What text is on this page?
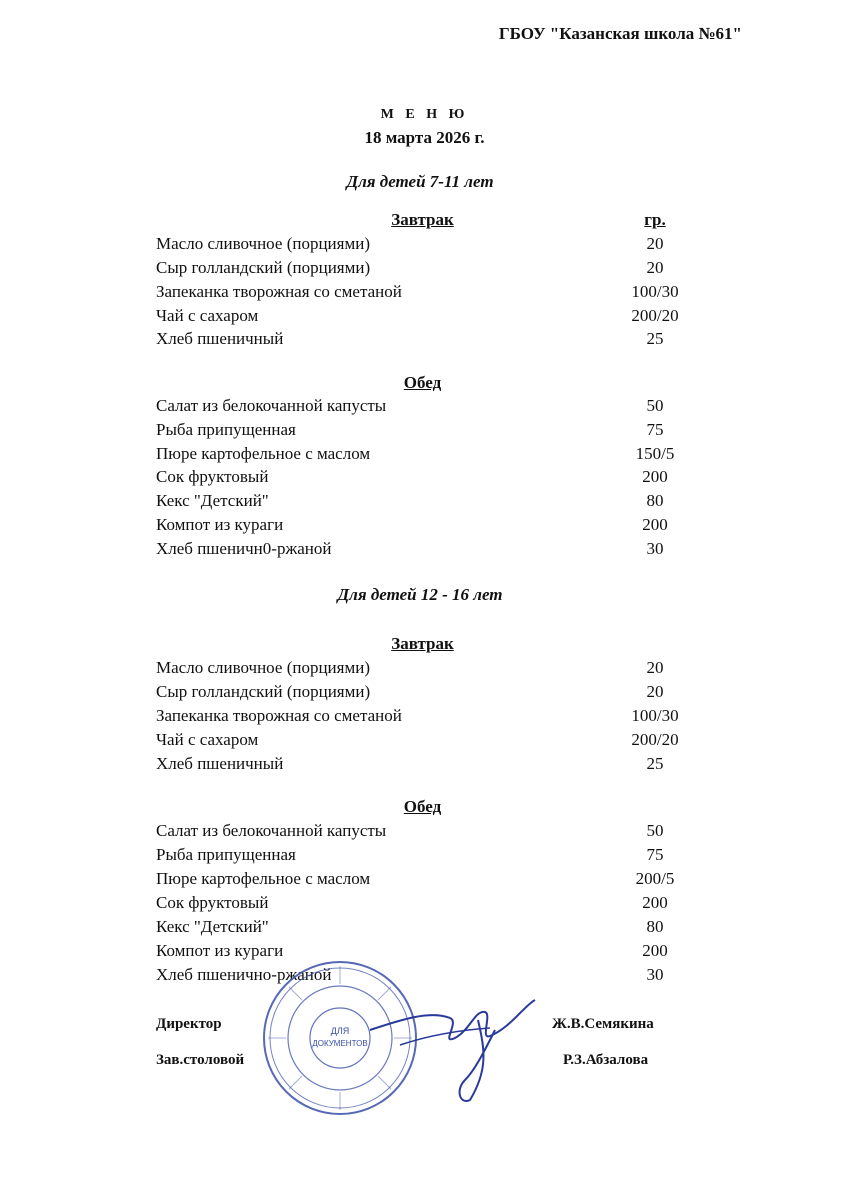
ГБОУ "Казанская школа №61"
М Е Н Ю
18 марта 2026 г.
Для детей 7-11 лет
Завтрак	гр.
Масло сливочное (порциями)	20
Сыр голландский (порциями)	20
Запеканка творожная со сметаной	100/30
Чай с сахаром	200/20
Хлеб пшеничный	25
Обед
Салат из белокочанной капусты	50
Рыба припущенная	75
Пюре картофельное с маслом	150/5
Сок фруктовый	200
Кекс "Детский"	80
Компот из кураги	200
Хлеб пшеничн0-ржаной	30
Для детей 12 - 16 лет
Завтрак
Масло сливочное (порциями)	20
Сыр голландский (порциями)	20
Запеканка творожная со сметаной	100/30
Чай с сахаром	200/20
Хлеб пшеничный	25
Обед
Салат из белокочанной капусты	50
Рыба припущенная	75
Пюре картофельное с маслом	200/5
Сок фруктовый	200
Кекс "Детский"	80
Компот из кураги	200
Хлеб пшенично-ржаной	30
ДЛЯ
ДОКУМЕНТОВ
Директор	Ж.В.Семякина
Зав.столовой	Р.З.Абзалова
